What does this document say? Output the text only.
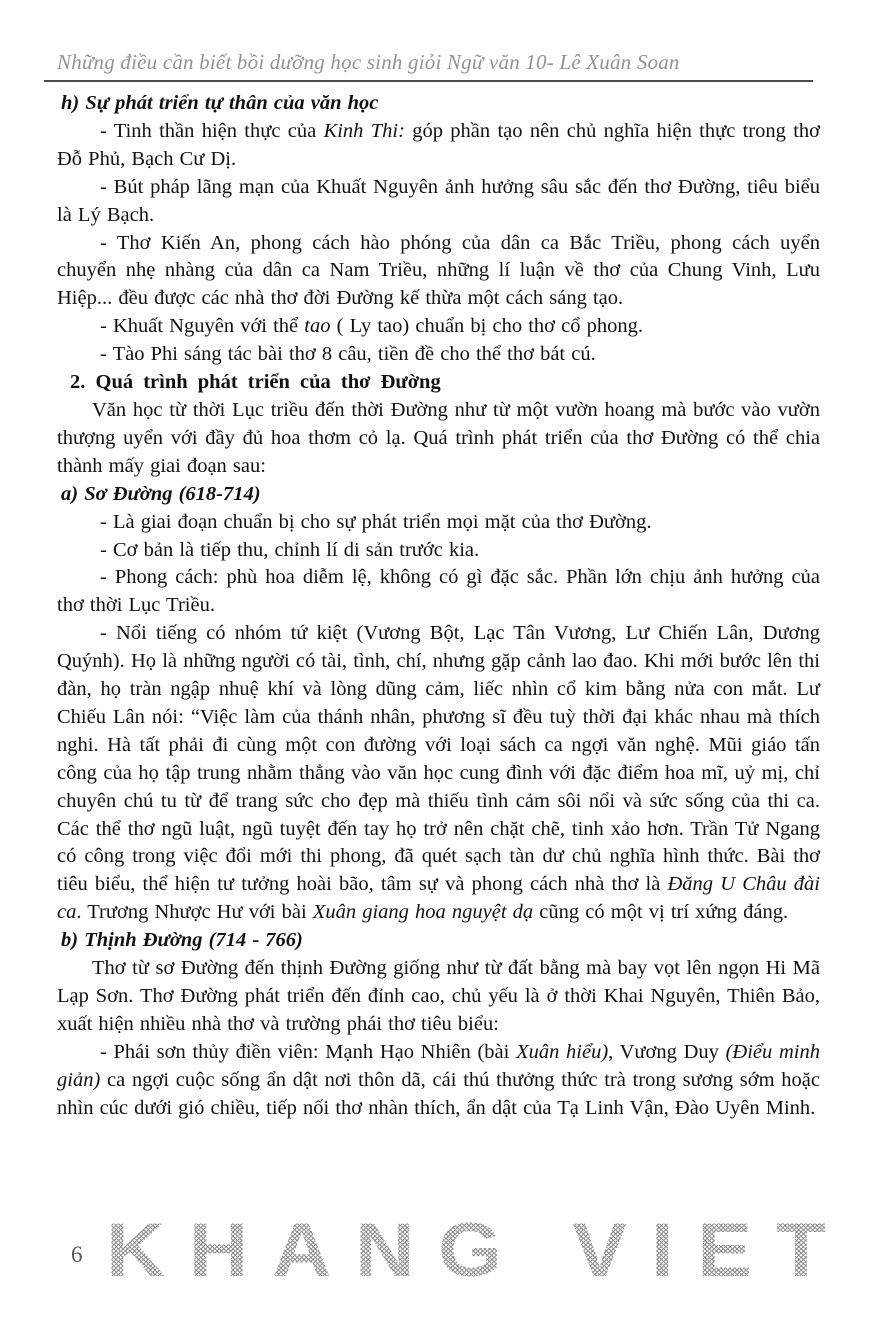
Những điều cần biết bồi dưỡng học sinh giỏi Ngữ văn 10- Lê Xuân Soan

h) Sự phát triển tự thân của văn học

- Tinh thần hiện thực của Kinh Thi: góp phần tạo nên chủ nghĩa hiện thực trong thơ Đỗ Phủ, Bạch Cư Dị.

- Bút pháp lãng mạn của Khuất Nguyên ảnh hưởng sâu sắc đến thơ Đường, tiêu biểu là Lý Bạch.

- Thơ Kiến An, phong cách hào phóng của dân ca Bắc Triều, phong cách uyển chuyển nhẹ nhàng của dân ca Nam Triều, những lí luận về thơ của Chung Vinh, Lưu Hiệp... đều được các nhà thơ đời Đường kế thừa một cách sáng tạo.

- Khuất Nguyên với thể tao ( Ly tao) chuẩn bị cho thơ cổ phong.

- Tào Phi sáng tác bài thơ 8 câu, tiền đề cho thể thơ bát cú.

2. Quá trình phát triển của thơ Đường

Văn học từ thời Lục triều đến thời Đường như từ một vườn hoang mà bước vào vườn thượng uyển với đầy đủ hoa thơm cỏ lạ. Quá trình phát triển của thơ Đường có thể chia thành mấy giai đoạn sau:

a) Sơ Đường (618-714)

- Là giai đoạn chuẩn bị cho sự phát triển mọi mặt của thơ Đường.

- Cơ bản là tiếp thu, chỉnh lí di sản trước kia.

- Phong cách: phù hoa diễm lệ, không có gì đặc sắc. Phần lớn chịu ảnh hưởng của thơ thời Lục Triều.

- Nổi tiếng có nhóm tứ kiệt (Vương Bột, Lạc Tân Vương, Lư Chiến Lân, Dương Quýnh). Họ là những người có tài, tình, chí, nhưng gặp cảnh lao đao. Khi mới bước lên thi đàn, họ tràn ngập nhuệ khí và lòng dũng cảm, liếc nhìn cổ kim bằng nửa con mắt. Lư Chiếu Lân nói: “Việc làm của thánh nhân, phương sĩ đều tuỳ thời đại khác nhau mà thích nghi. Hà tất phải đi cùng một con đường với loại sách ca ngợi văn nghệ. Mũi giáo tấn công của họ tập trung nhằm thẳng vào văn học cung đình với đặc điểm hoa mĩ, uỷ mị, chỉ chuyên chú tu từ để trang sức cho đẹp mà thiếu tình cảm sôi nổi và sức sống của thi ca. Các thể thơ ngũ luật, ngũ tuyệt đến tay họ trở nên chặt chẽ, tinh xảo hơn. Trần Tử Ngang có công trong việc đổi mới thi phong, đã quét sạch tàn dư chủ nghĩa hình thức. Bài thơ tiêu biểu, thể hiện tư tưởng hoài bão, tâm sự và phong cách nhà thơ là Đăng U Châu đài ca. Trương Nhược Hư với bài Xuân giang hoa nguyệt dạ cũng có một vị trí xứng đáng.

b) Thịnh Đường (714 - 766)

Thơ từ sơ Đường đến thịnh Đường giống như từ đất bằng mà bay vọt lên ngọn Hi Mã Lạp Sơn. Thơ Đường phát triển đến đỉnh cao, chủ yếu là ở thời Khai Nguyên, Thiên Bảo, xuất hiện nhiều nhà thơ và trường phái thơ tiêu biểu:

- Phái sơn thủy điền viên: Mạnh Hạo Nhiên (bài Xuân hiểu), Vương Duy (Điểu minh giản) ca ngợi cuộc sống ẩn dật nơi thôn dã, cái thú thưởng thức trà trong sương sớm hoặc nhìn cúc dưới gió chiều, tiếp nối thơ nhàn thích, ẩn dật của Tạ Linh Vận, Đào Uyên Minh.

KHANG VIET
6
